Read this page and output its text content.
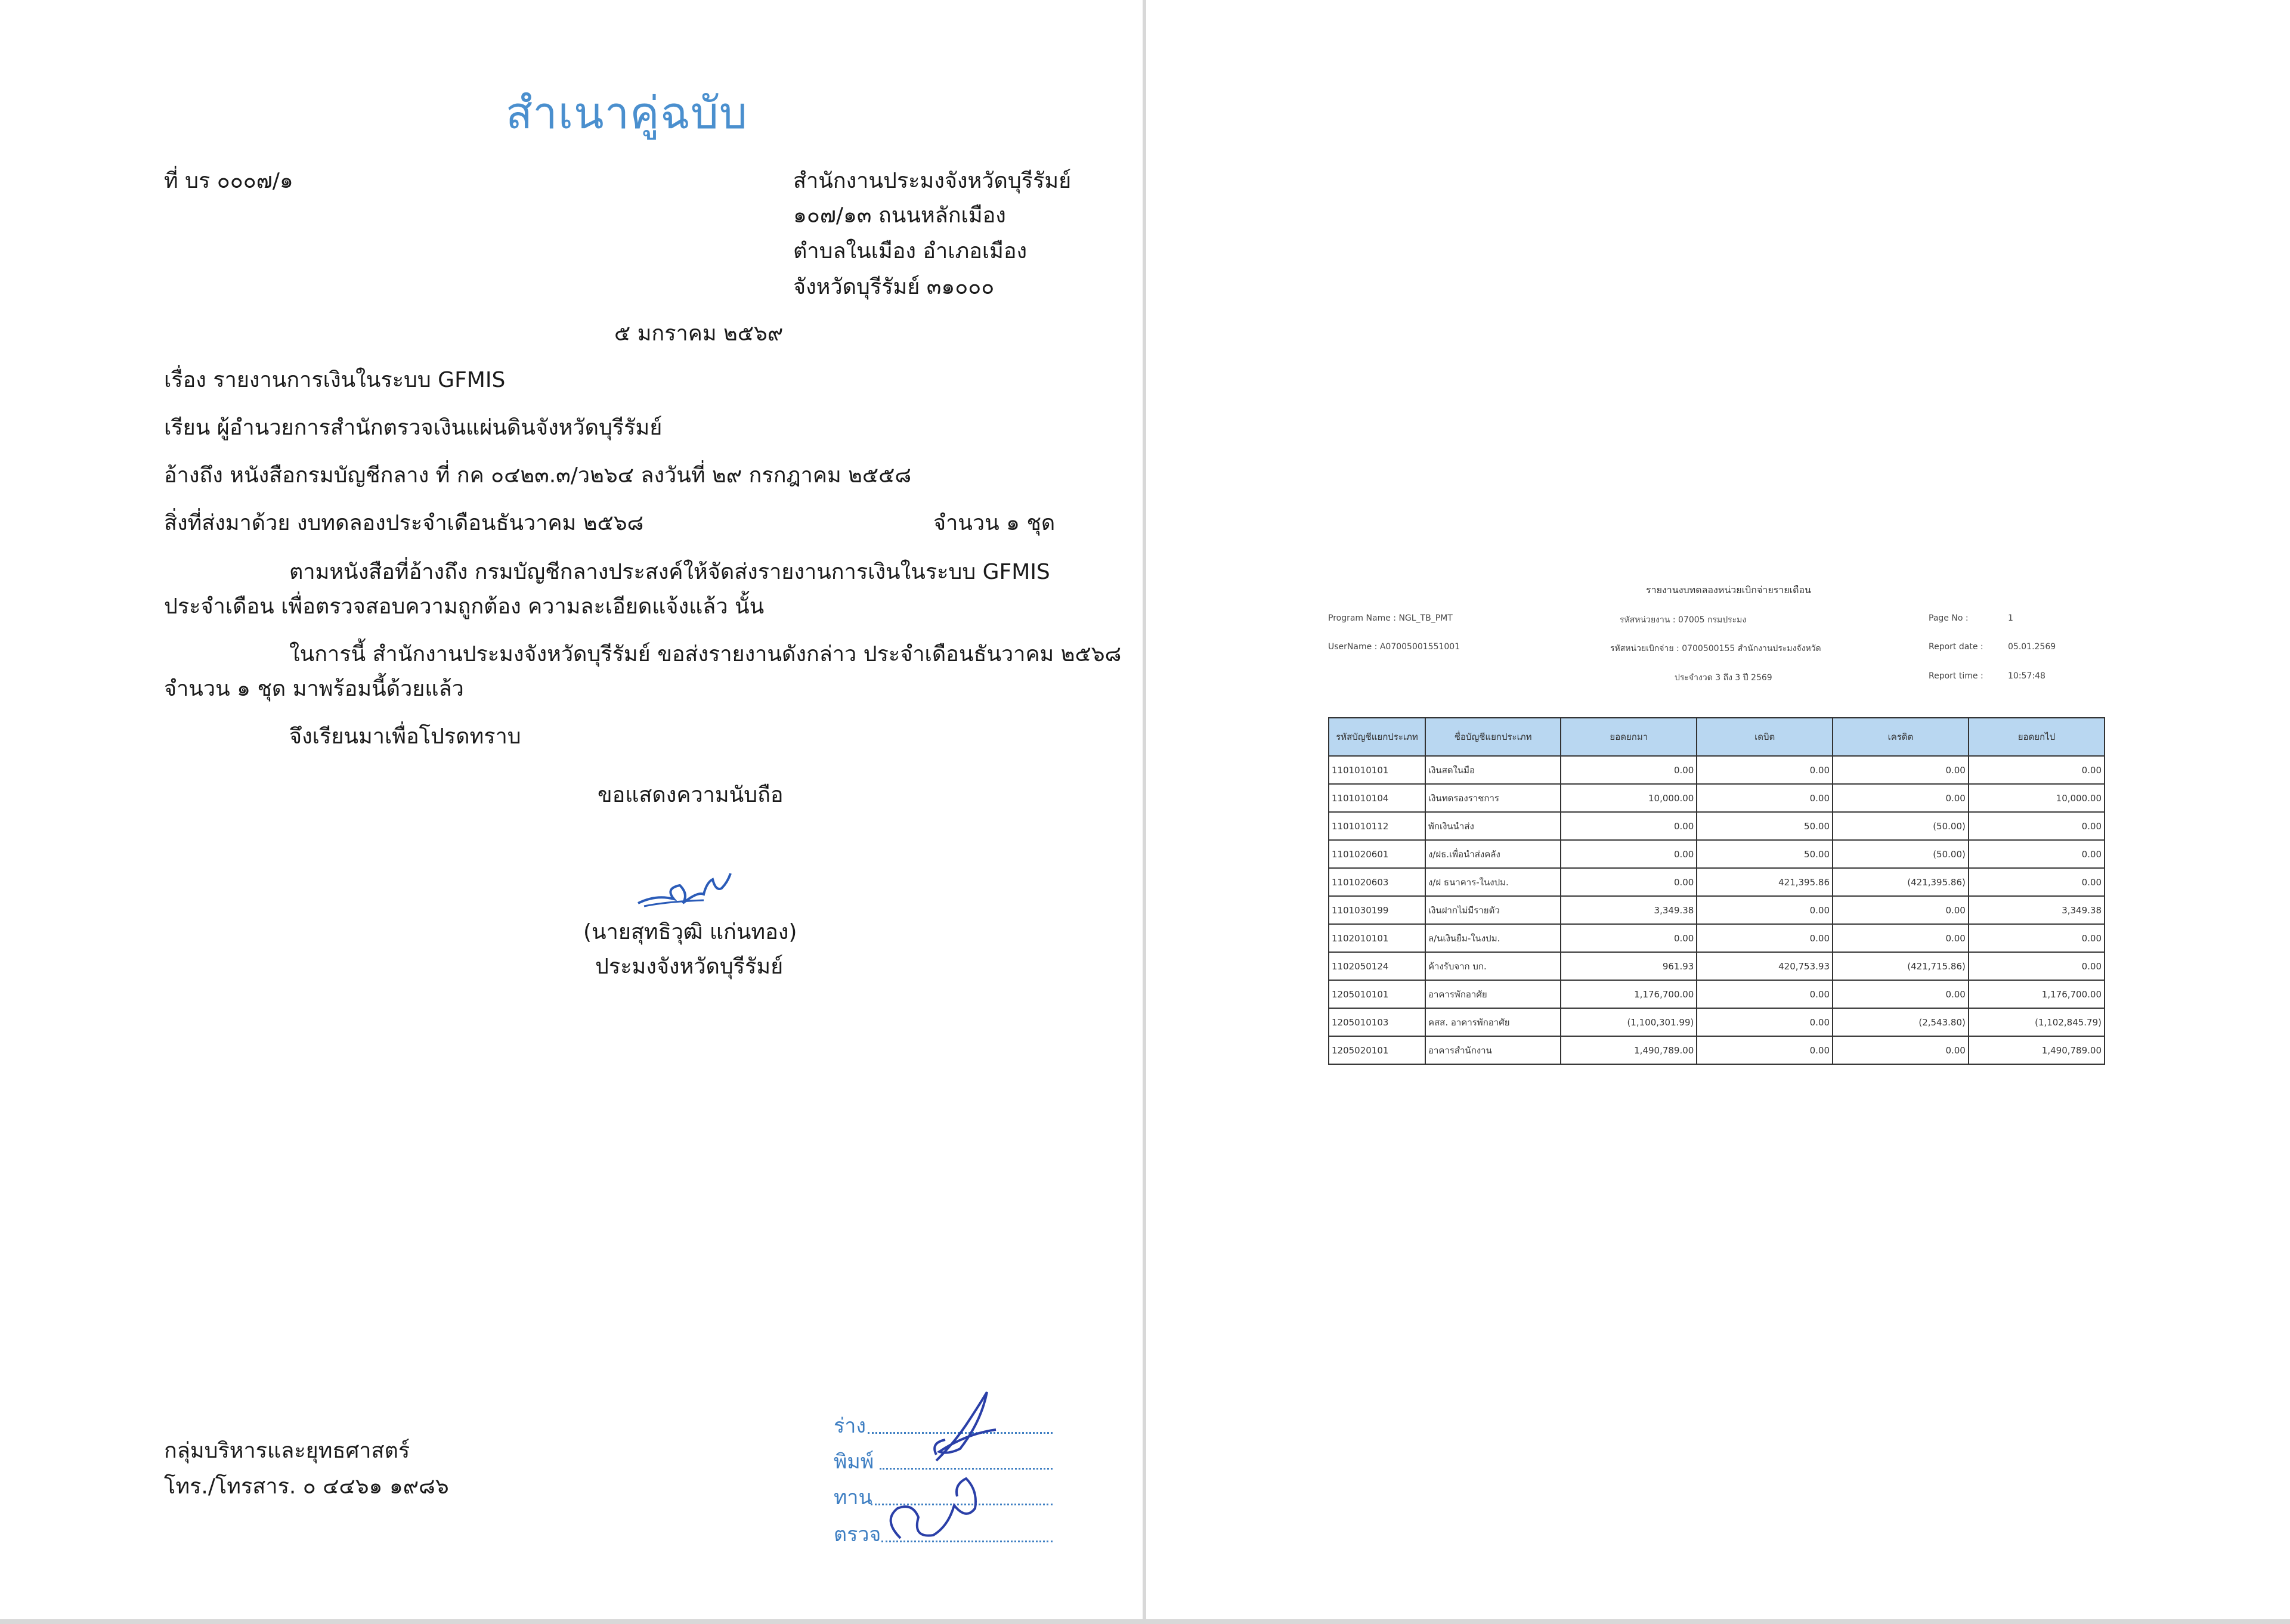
สำเนาคู่ฉบับ
ที่ บร ๐๐๐๗/๑	สำนักงานประมงจังหวัดบุรีรัมย์
๑๐๗/๑๓ ถนนหลักเมือง
ตำบลในเมือง อำเภอเมือง
จังหวัดบุรีรัมย์ ๓๑๐๐๐
๕ มกราคม ๒๕๖๙
เรื่อง รายงานการเงินในระบบ GFMIS
เรียน ผู้อำนวยการสำนักตรวจเงินแผ่นดินจังหวัดบุรีรัมย์
อ้างถึง หนังสือกรมบัญชีกลาง ที่ กค ๐๔๒๓.๓/ว๒๖๔ ลงวันที่ ๒๙ กรกฎาคม ๒๕๕๘
สิ่งที่ส่งมาด้วย งบทดลองประจำเดือนธันวาคม ๒๕๖๘	จำนวน ๑ ชุด
ตามหนังสือที่อ้างถึง กรมบัญชีกลางประสงค์ให้จัดส่งรายงานการเงินในระบบ GFMIS
ประจำเดือน เพื่อตรวจสอบความถูกต้อง ความละเอียดแจ้งแล้ว นั้น
ในการนี้ สำนักงานประมงจังหวัดบุรีรัมย์ ขอส่งรายงานดังกล่าว ประจำเดือนธันวาคม ๒๕๖๘
จำนวน ๑ ชุด มาพร้อมนี้ด้วยแล้ว
จึงเรียนมาเพื่อโปรดทราบ
ขอแสดงความนับถือ
(นายสุทธิวุฒิ แก่นทอง)
ประมงจังหวัดบุรีรัมย์
กลุ่มบริหารและยุทธศาสตร์
โทร./โทรสาร. ๐ ๔๔๖๑ ๑๙๘๖
ร่าง
พิมพ์
ทาน
ตรวจ
รายงานงบทดลองหน่วยเบิกจ่ายรายเดือน
Program Name : NGL_TB_PMT
UserName : A07005001551001
รหัสหน่วยงาน : 07005 กรมประมง
รหัสหน่วยเบิกจ่าย : 0700500155 สำนักงานประมงจังหวัด
ประจำงวด 3 ถึง 3 ปี 2569
Page No :	1
Report date :	05.01.2569
Report time :	10:57:48
รหัสบัญชีแยกประเภท	ชื่อบัญชีแยกประเภท	ยอดยกมา	เดบิต	เครดิต	ยอดยกไป
1101010101	เงินสดในมือ	0.00	0.00	0.00	0.00
1101010104	เงินทดรองราชการ	10,000.00	0.00	0.00	10,000.00
1101010112	พักเงินนำส่ง	0.00	50.00	(50.00)	0.00
1101020601	ง/ฝธ.เพื่อนำส่งคลัง	0.00	50.00	(50.00)	0.00
1101020603	ง/ฝ ธนาคาร-ในงปม.	0.00	421,395.86	(421,395.86)	0.00
1101030199	เงินฝากไม่มีรายตัว	3,349.38	0.00	0.00	3,349.38
1102010101	ล/นเงินยืม-ในงปม.	0.00	0.00	0.00	0.00
1102050124	ค้างรับจาก บก.	961.93	420,753.93	(421,715.86)	0.00
1205010101	อาคารพักอาศัย	1,176,700.00	0.00	0.00	1,176,700.00
1205010103	คสส. อาคารพักอาศัย	(1,100,301.99)	0.00	(2,543.80)	(1,102,845.79)
1205020101	อาคารสำนักงาน	1,490,789.00	0.00	0.00	1,490,789.00
